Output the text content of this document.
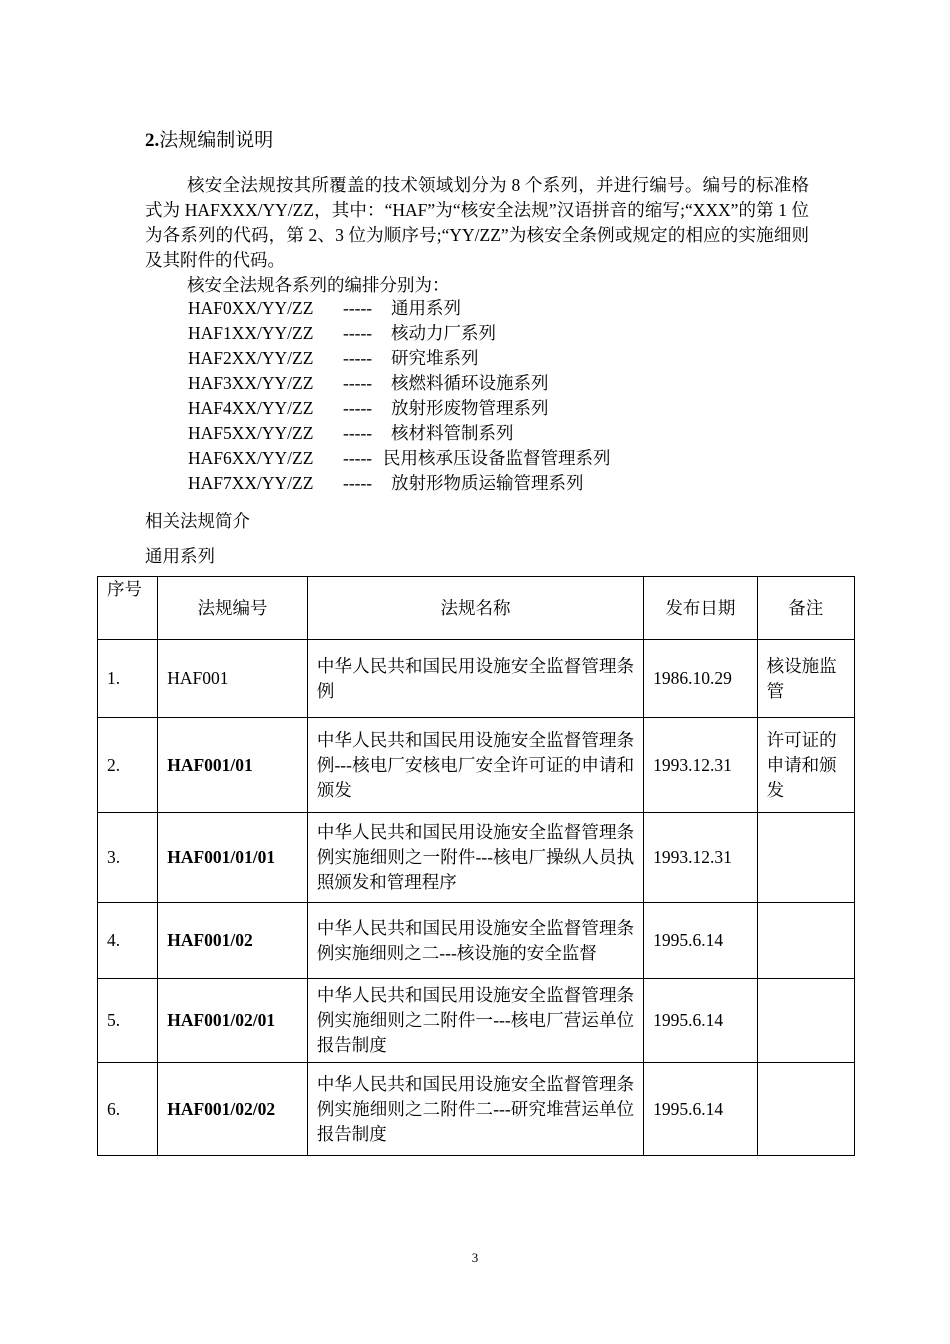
2.法规编制说明

核安全法规按其所覆盖的技术领域划分为 8 个系列，并进行编号。编号的标准格式为 HAFXXX/YY/ZZ，其中：“HAF”为“核安全法规”汉语拼音的缩写;“XXX”的第 1 位为各系列的代码，第 2、3 位为顺序号;“YY/ZZ”为核安全条例或规定的相应的实施细则及其附件的代码。

核安全法规各系列的编排分别为：

HAF0XX/YY/ZZ	-----	通用系列
HAF1XX/YY/ZZ	-----	核动力厂系列
HAF2XX/YY/ZZ	-----	研究堆系列
HAF3XX/YY/ZZ	-----	核燃料循环设施系列
HAF4XX/YY/ZZ	-----	放射形废物管理系列
HAF5XX/YY/ZZ	-----	核材料管制系列
HAF6XX/YY/ZZ	----- 民用核承压设备监督管理系列
HAF7XX/YY/ZZ	-----	放射形物质运输管理系列
相关法规简介
通用系列
序号	法规编号	法规名称	发布日期	备注
1.	HAF001	中华人民共和国民用设施安全监督管理条例	1986.10.29	核设施监管
2.	HAF001/01	中华人民共和国民用设施安全监督管理条例---核电厂安核电厂安全许可证的申请和颁发	1993.12.31	许可证的申请和颁发
3.	HAF001/01/01	中华人民共和国民用设施安全监督管理条例实施细则之一附件---核电厂操纵人员执照颁发和管理程序	1993.12.31	
4.	HAF001/02	中华人民共和国民用设施安全监督管理条例实施细则之二---核设施的安全监督	1995.6.14	
5.	HAF001/02/01	中华人民共和国民用设施安全监督管理条例实施细则之二附件一---核电厂营运单位报告制度	1995.6.14	
6.	HAF001/02/02	中华人民共和国民用设施安全监督管理条例实施细则之二附件二---研究堆营运单位报告制度	1995.6.14	
3
